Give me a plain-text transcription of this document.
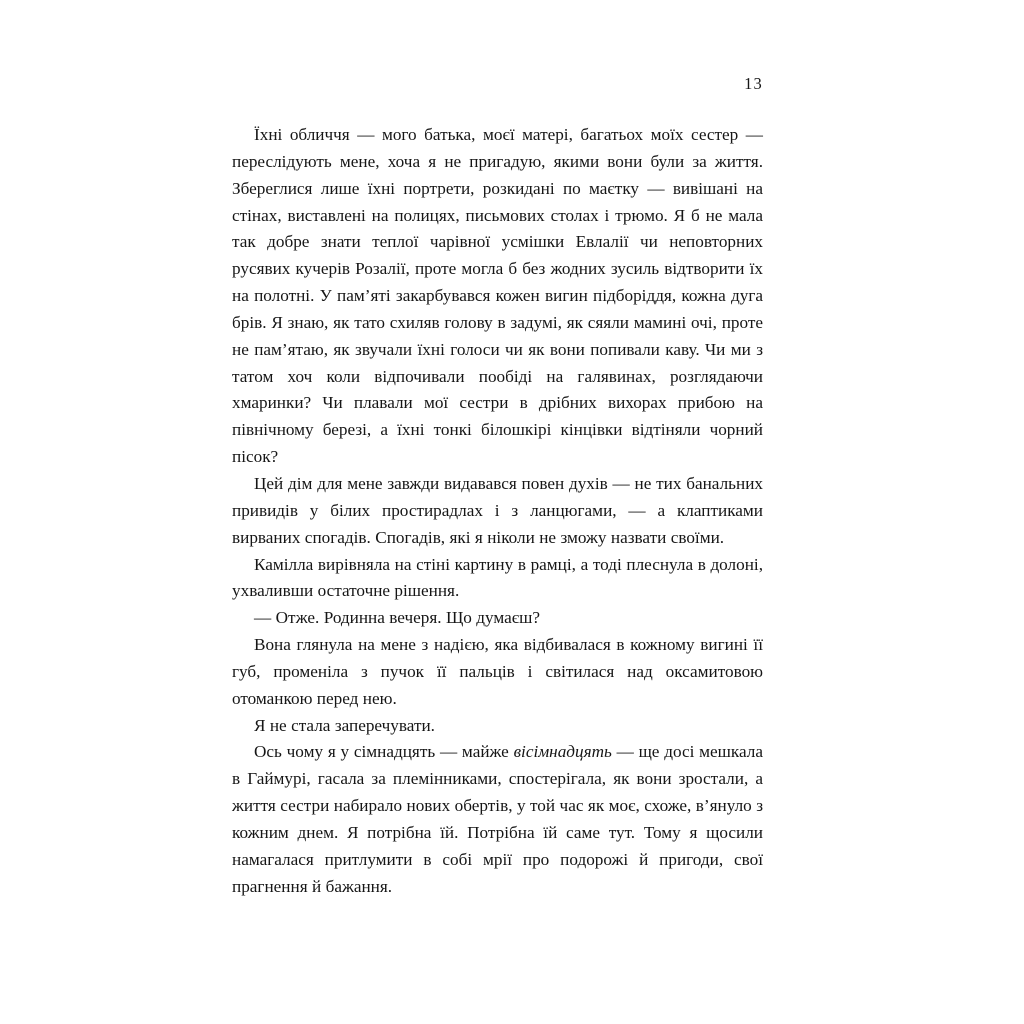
13

Їхні обличчя — мого батька, моєї матері, багатьох моїх сестер — переслідують мене, хоча я не пригадую, якими вони були за життя. Збереглися лише їхні портрети, розкидані по маєтку — вивішані на стінах, виставлені на полицях, письмових столах і трюмо. Я б не мала так добре знати теплої чарівної усмішки Евлалії чи неповторних русявих кучерів Розалії, проте могла б без жодних зусиль відтворити їх на полотні. У пам’яті закарбувався кожен вигин підборіддя, кожна дуга брів. Я знаю, як тато схиляв голову в задумі, як сяяли мамині очі, проте не пам’ятаю, як звучали їхні голоси чи як вони попивали каву. Чи ми з татом хоч коли відпочивали пообіді на галявинах, розглядаючи хмаринки? Чи плавали мої сестри в дрібних вихорах прибою на північному березі, а їхні тонкі білошкірі кінцівки відтіняли чорний пісок?

Цей дім для мене завжди видавався повен духів — не тих банальних привидів у білих простирадлах і з ланцюгами, — а клаптиками вирваних спогадів. Спогадів, які я ніколи не зможу назвати своїми.

Камілла вирівняла на стіні картину в рамці, а тоді плеснула в долоні, ухваливши остаточне рішення.

— Отже. Родинна вечеря. Що думаєш?

Вона глянула на мене з надією, яка відбивалася в кожному вигині її губ, променіла з пучок її пальців і світилася над оксамитовою отоманкою перед нею.

Я не стала заперечувати.

Ось чому я у сімнадцять — майже вісімнадцять — ще досі мешкала в Гаймурі, гасала за племінниками, спостерігала, як вони зростали, а життя сестри набирало нових обертів, у той час як моє, схоже, в’януло з кожним днем. Я потрібна їй. Потрібна їй саме тут. Тому я щосили намагалася притлумити в собі мрії про подорожі й пригоди, свої прагнення й бажання.
